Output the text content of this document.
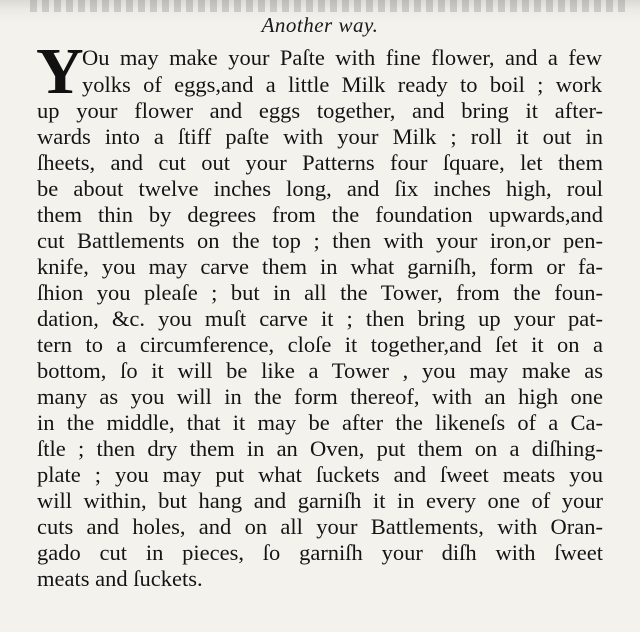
Another way.
Y
Ou may make your Paſte with fine flower, and a few
yolks of eggs,and a little Milk ready to boil ; work
up your flower and eggs together, and bring it after-
wards into a ſtiff paſte with your Milk ; roll it out in
ſheets, and cut out your Patterns four ſquare, let them
be about twelve inches long, and ſix inches high, roul
them thin by degrees from the foundation upwards,and
cut Battlements on the top ; then with your iron,or pen-
knife, you may carve them in what garniſh, form or fa-
ſhion you pleaſe ; but in all the Tower, from the foun-
dation, &c. you muſt carve it ; then bring up your pat-
tern to a circumference, cloſe it together,and ſet it on a
bottom, ſo it will be like a Tower , you may make as
many as you will in the form thereof, with an high one
in the middle, that it may be after the likeneſs of a Ca-
ſtle ; then dry them in an Oven, put them on a diſhing-
plate ; you may put what ſuckets and ſweet meats you
will within, but hang and garniſh it in every one of your
cuts and holes, and on all your Battlements, with Oran-
gado cut in pieces, ſo garniſh your diſh with ſweet
meats and ſuckets.
